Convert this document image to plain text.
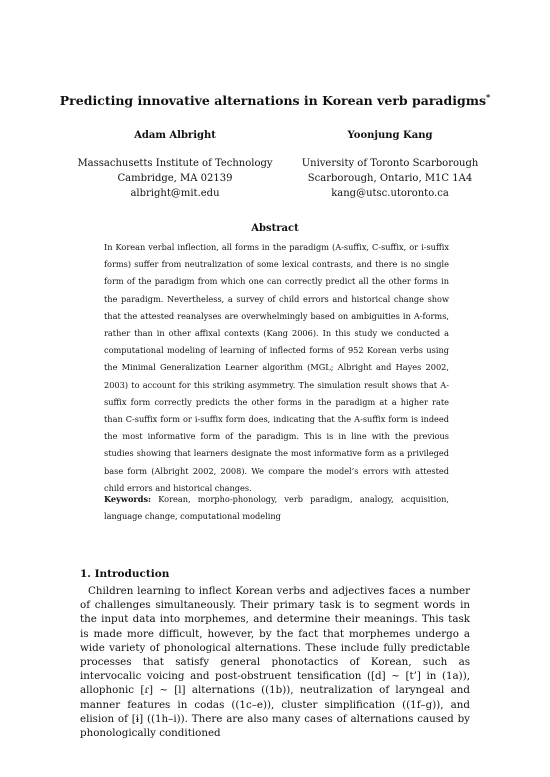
Predicting innovative alternations in Korean verb paradigms*
Adam Albright
Massachusetts Institute of Technology
Cambridge, MA 02139
albright@mit.edu
Yoonjung Kang
University of Toronto Scarborough
Scarborough, Ontario, M1C 1A4
kang@utsc.utoronto.ca
Abstract
In Korean verbal inflection, all forms in the paradigm (A-suffix, C-suffix, or i-suffix forms) suffer from neutralization of some lexical contrasts, and there is no single form of the paradigm from which one can correctly predict all the other forms in the paradigm. Nevertheless, a survey of child errors and historical change show that the attested reanalyses are overwhelmingly based on ambiguities in A-forms, rather than in other affixal contexts (Kang 2006). In this study we conducted a computational modeling of learning of inflected forms of 952 Korean verbs using the Minimal Generalization Learner algorithm (MGL; Albright and Hayes 2002, 2003) to account for this striking asymmetry. The simulation result shows that A-suffix form correctly predicts the other forms in the paradigm at a higher rate than C-suffix form or i-suffix form does, indicating that the A-suffix form is indeed the most informative form of the paradigm. This is in line with the previous studies showing that learners designate the most informative form as a privileged base form (Albright 2002, 2008). We compare the model’s errors with attested child errors and historical changes.
Keywords: Korean, morpho-phonology, verb paradigm, analogy, acquisition, language change, computational modeling
1. Introduction

Children learning to inflect Korean verbs and adjectives faces a number of challenges simultaneously. Their primary task is to segment words in the input data into morphemes, and determine their meanings. This task is made more difficult, however, by the fact that morphemes undergo a wide variety of phonological alternations. These include fully predictable processes that satisfy general phonotactics of Korean, such as intervocalic voicing and post-obstruent tensification ([d] ~ [t’] in (1a)), allophonic [ɾ] ~ [l] alternations ((1b)), neutralization of laryngeal and manner features in codas ((1c–e)), cluster simplification ((1f–g)), and elision of [ɨ] ((1h–i)). There are also many cases of alternations caused by phonologically conditioned
